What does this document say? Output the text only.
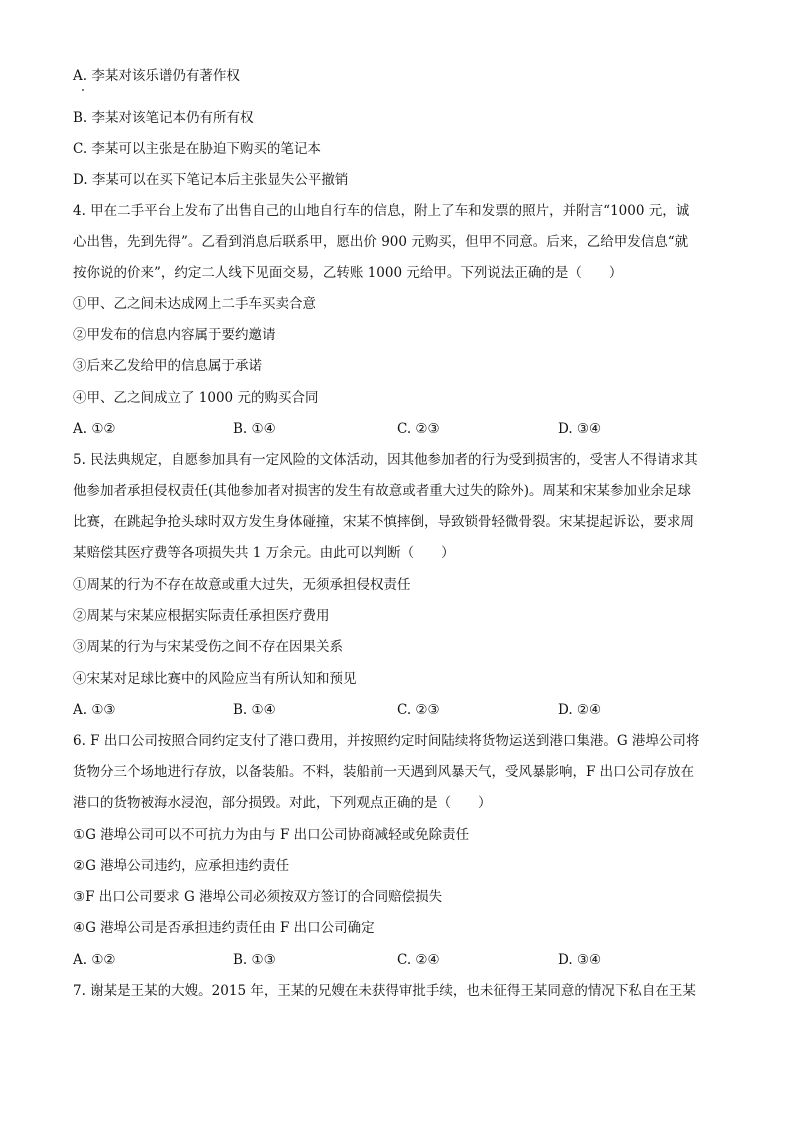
A. 李某对该乐谱仍有著作权
B. 李某对该笔记本仍有所有权
C. 李某可以主张是在胁迫下购买的笔记本
D. 李某可以在买下笔记本后主张显失公平撤销
4. 甲在二手平台上发布了出售自己的山地自行车的信息，附上了车和发票的照片，并附言“1000 元，诚
心出售，先到先得”。乙看到消息后联系甲，愿出价 900 元购买，但甲不同意。后来，乙给甲发信息“就
按你说的价来”，约定二人线下见面交易，乙转账 1000 元给甲。下列说法正确的是（　　）
①甲、乙之间未达成网上二手车买卖合意
②甲发布的信息内容属于要约邀请
③后来乙发给甲的信息属于承诺
④甲、乙之间成立了 1000 元的购买合同
A. ①②	B. ①④	C. ②③	D. ③④
5. 民法典规定，自愿参加具有一定风险的文体活动，因其他参加者的行为受到损害的，受害人不得请求其
他参加者承担侵权责任(其他参加者对损害的发生有故意或者重大过失的除外)。周某和宋某参加业余足球
比赛，在跳起争抢头球时双方发生身体碰撞，宋某不慎摔倒，导致锁骨轻微骨裂。宋某提起诉讼，要求周
某赔偿其医疗费等各项损失共 1 万余元。由此可以判断（　　）
①周某的行为不存在故意或重大过失，无须承担侵权责任
②周某与宋某应根据实际责任承担医疗费用
③周某的行为与宋某受伤之间不存在因果关系
④宋某对足球比赛中的风险应当有所认知和预见
A. ①③	B. ①④	C. ②③	D. ②④
6. F 出口公司按照合同约定支付了港口费用，并按照约定时间陆续将货物运送到港口集港。G 港埠公司将
货物分三个场地进行存放，以备装船。不料，装船前一天遇到风暴天气，受风暴影响，F 出口公司存放在
港口的货物被海水浸泡，部分损毁。对此，下列观点正确的是（　　）
①G 港埠公司可以不可抗力为由与 F 出口公司协商减轻或免除责任
②G 港埠公司违约，应承担违约责任
③F 出口公司要求 G 港埠公司必须按双方签订的合同赔偿损失
④G 港埠公司是否承担违约责任由 F 出口公司确定
A. ①②	B. ①③	C. ②④	D. ③④
7. 谢某是王某的大嫂。2015 年，王某的兄嫂在未获得审批手续，也未征得王某同意的情况下私自在王某
